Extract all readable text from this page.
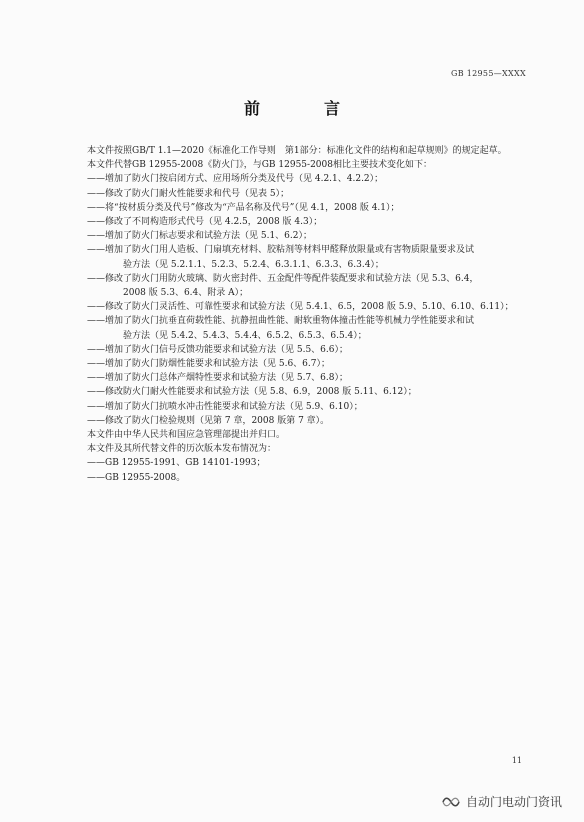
GB 12955—XXXX
前　言

本文件按照GB/T 1.1—2020《标准化工作导则　第1部分：标准化文件的结构和起草规则》的规定起草。

本文件代替GB 12955-2008《防火门》，与GB 12955-2008相比主要技术变化如下：

——增加了防火门按启闭方式、应用场所分类及代号（见 4.2.1、4.2.2）；

——修改了防火门耐火性能要求和代号（见表 5）；

——将“按材质分类及代号”修改为“产品名称及代号”（见 4.1，2008 版 4.1）；

——修改了不同构造形式代号（见 4.2.5，2008 版 4.3）；

——增加了防火门标志要求和试验方法（见 5.1、6.2）；

——增加了防火门用人造板、门扇填充材料、胶粘剂等材料甲醛释放限量或有害物质限量要求及试

验方法（见 5.2.1.1、5.2.3、5.2.4、6.3.1.1、6.3.3、6.3.4）；

——修改了防火门用防火玻璃、防火密封件、五金配件等配件装配要求和试验方法（见 5.3、6.4，

2008 版 5.3、6.4、附录 A）；

——修改了防火门灵活性、可靠性要求和试验方法（见 5.4.1、6.5，2008 版 5.9、5.10、6.10、6.11）；

——增加了防火门抗垂直荷载性能、抗静扭曲性能、耐软重物体撞击性能等机械力学性能要求和试

验方法（见 5.4.2、5.4.3、5.4.4、6.5.2、6.5.3、6.5.4）；

——增加了防火门信号反馈功能要求和试验方法（见 5.5、6.6）；

——增加了防火门防烟性能要求和试验方法（见 5.6、6.7）；

——增加了防火门总体产烟特性要求和试验方法（见 5.7、6.8）；

——修改防火门耐火性能要求和试验方法（见 5.8、6.9，2008 版 5.11、6.12）；

——增加了防火门抗喷水冲击性能要求和试验方法（见 5.9、6.10）；

——修改了防火门检验规则（见第 7 章，2008 版第 7 章）。

本文件由中华人民共和国应急管理部提出并归口。

本文件及其所代替文件的历次版本发布情况为：

——GB 12955-1991、GB 14101-1993；

——GB 12955-2008。

11
自动门电动门资讯
